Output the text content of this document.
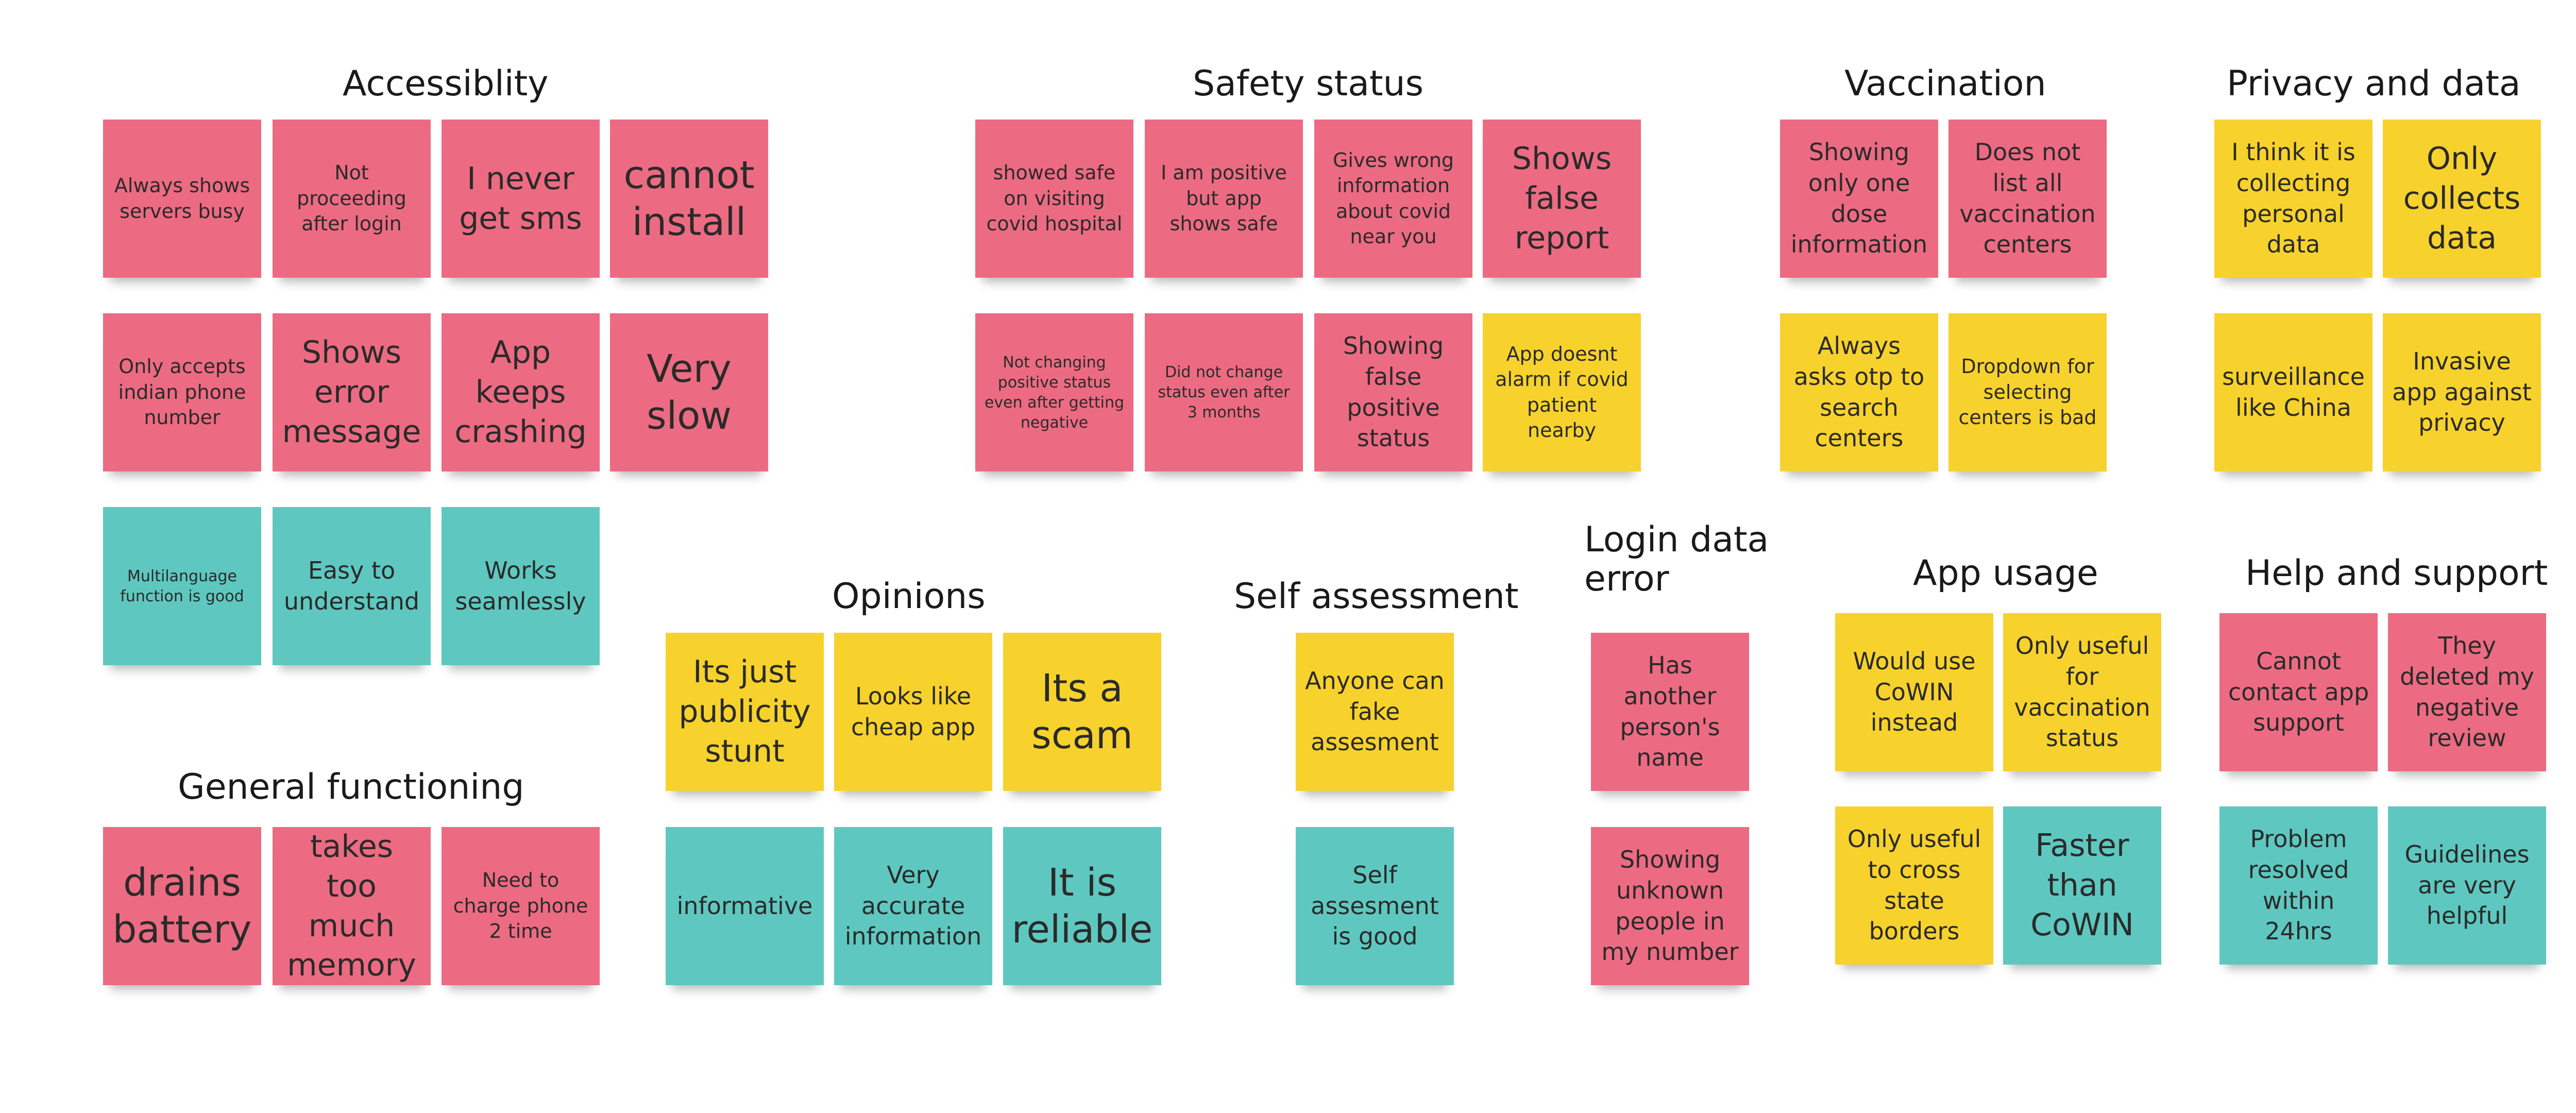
Accessiblity
Always shows servers busy
Not proceeding after login
I never get sms
cannot install
Only accepts indian phone number
Shows error message
App keeps crashing
Very slow
Multilanguage function is good
Easy to understand
Works seamlessly
General functioning
drains battery
takes too much memory
Need to charge phone 2 time
Safety status
showed safe on visiting covid hospital
I am positive but app shows safe
Gives wrong information about covid near you
Shows false report
Not changing positive status even after getting negative
Did not change status even after 3 months
Showing false positive status
App doesnt alarm if covid patient nearby
Opinions
Its just publicity stunt
Looks like cheap app
Its a scam
informative
Very accurate information
It is reliable
Self assessment
Anyone can fake assesment
Self assesment is good
Login data error
Has another person's name
Showing unknown people in my number
Vaccination
Showing only one dose information
Does not list all vaccination centers
Always asks otp to search centers
Dropdown for selecting centers is bad
App usage
Would use CoWIN instead
Only useful for vaccination status
Only useful to cross state borders
Faster than CoWIN
Privacy and data
I think it is collecting personal data
Only collects data
surveillance like China
Invasive app against privacy
Help and support
Cannot contact app support
They deleted my negative review
Problem resolved within 24hrs
Guidelines are very helpful
